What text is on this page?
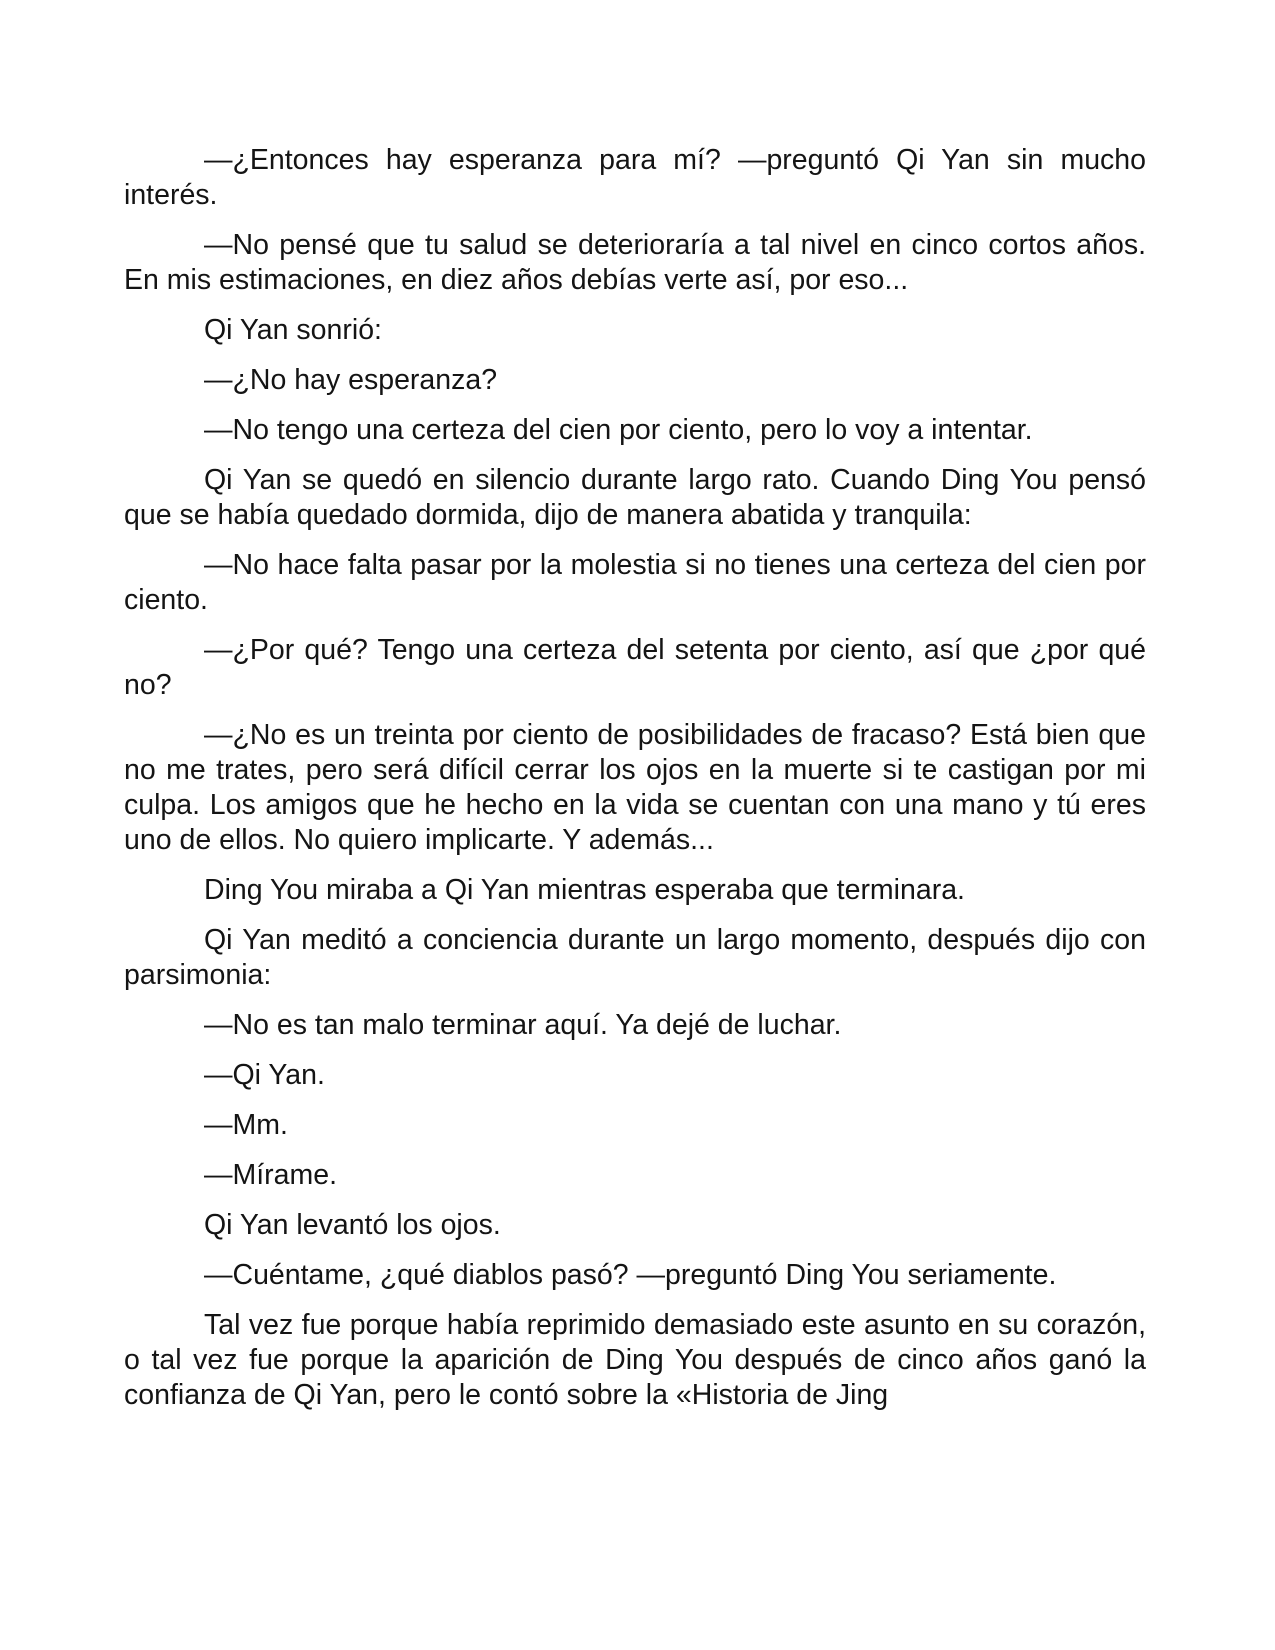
—¿Entonces hay esperanza para mí? —preguntó Qi Yan sin mucho interés.

—No pensé que tu salud se deterioraría a tal nivel en cinco cortos años. En mis estimaciones, en diez años debías verte así, por eso...

Qi Yan sonrió:

—¿No hay esperanza?

—No tengo una certeza del cien por ciento, pero lo voy a intentar.

Qi Yan se quedó en silencio durante largo rato. Cuando Ding You pensó que se había quedado dormida, dijo de manera abatida y tranquila:

—No hace falta pasar por la molestia si no tienes una certeza del cien por ciento.

—¿Por qué? Tengo una certeza del setenta por ciento, así que ¿por qué no?

—¿No es un treinta por ciento de posibilidades de fracaso? Está bien que no me trates, pero será difícil cerrar los ojos en la muerte si te castigan por mi culpa. Los amigos que he hecho en la vida se cuentan con una mano y tú eres uno de ellos. No quiero implicarte. Y además...

Ding You miraba a Qi Yan mientras esperaba que terminara.

Qi Yan meditó a conciencia durante un largo momento, después dijo con parsimonia:

—No es tan malo terminar aquí. Ya dejé de luchar.

—Qi Yan.

—Mm.

—Mírame.

Qi Yan levantó los ojos.

—Cuéntame, ¿qué diablos pasó? —preguntó Ding You seriamente.

Tal vez fue porque había reprimido demasiado este asunto en su corazón, o tal vez fue porque la aparición de Ding You después de cinco años ganó la confianza de Qi Yan, pero le contó sobre la «Historia de Jing
